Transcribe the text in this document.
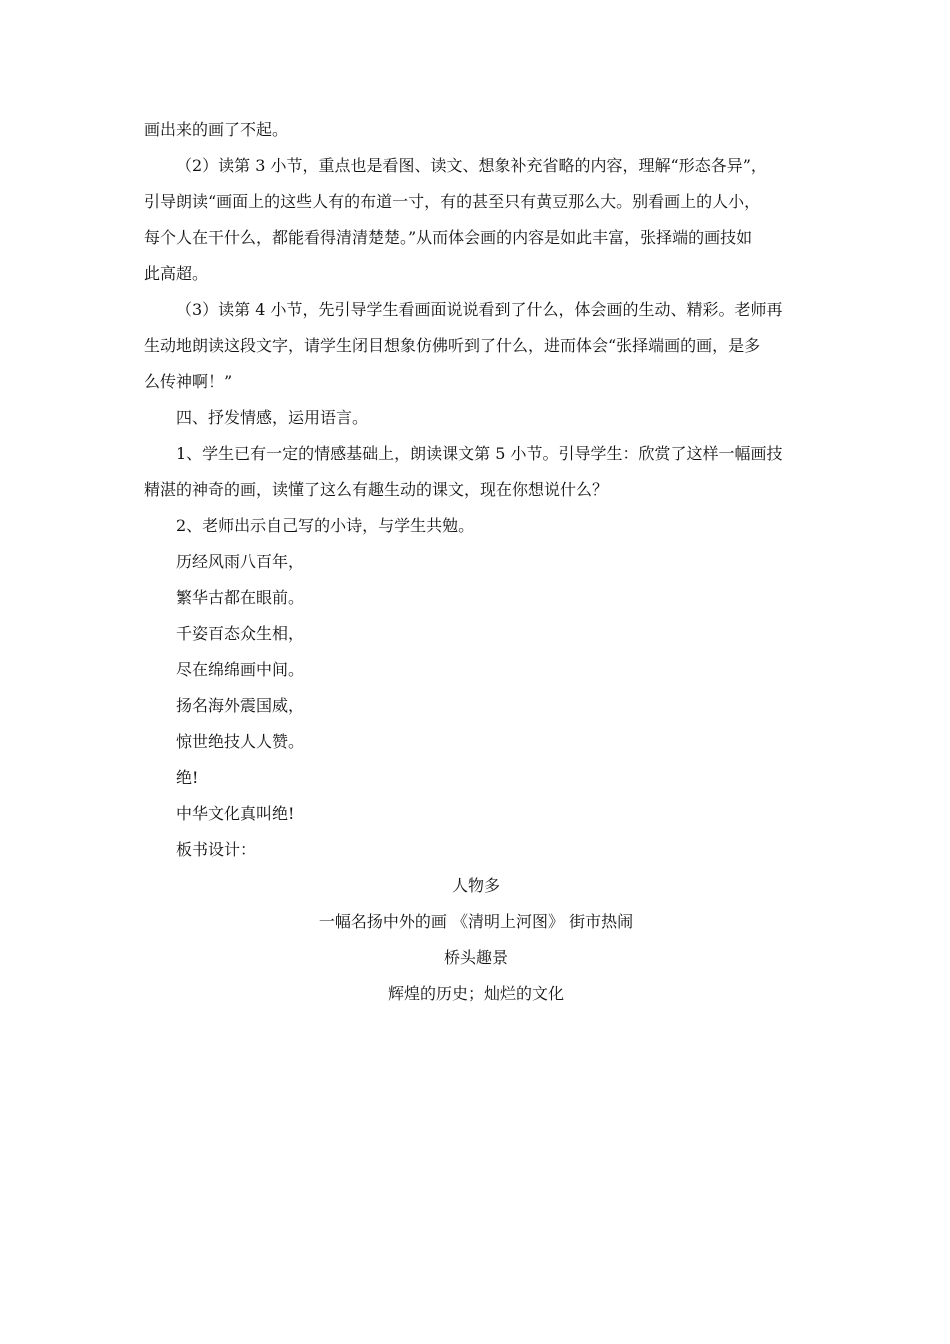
画出来的画了不起。
（2）读第 3 小节，重点也是看图、读文、想象补充省略的内容，理解“形态各异”，
引导朗读“画面上的这些人有的布道一寸，有的甚至只有黄豆那么大。别看画上的人小，
每个人在干什么，都能看得清清楚楚。”从而体会画的内容是如此丰富，张择端的画技如
此高超。
（3）读第 4 小节，先引导学生看画面说说看到了什么，体会画的生动、精彩。老师再
生动地朗读这段文字，请学生闭目想象仿佛听到了什么，进而体会“张择端画的画，是多
么传神啊！”
四、抒发情感，运用语言。
1、学生已有一定的情感基础上，朗读课文第 5 小节。引导学生：欣赏了这样一幅画技
精湛的神奇的画，读懂了这么有趣生动的课文，现在你想说什么？
2、老师出示自己写的小诗，与学生共勉。
历经风雨八百年，
繁华古都在眼前。
千姿百态众生相，
尽在绵绵画中间。
扬名海外震国威，
惊世绝技人人赞。
绝!
中华文化真叫绝!
板书设计：
人物多
一幅名扬中外的画 《清明上河图》 街市热闹
桥头趣景
辉煌的历史；灿烂的文化
